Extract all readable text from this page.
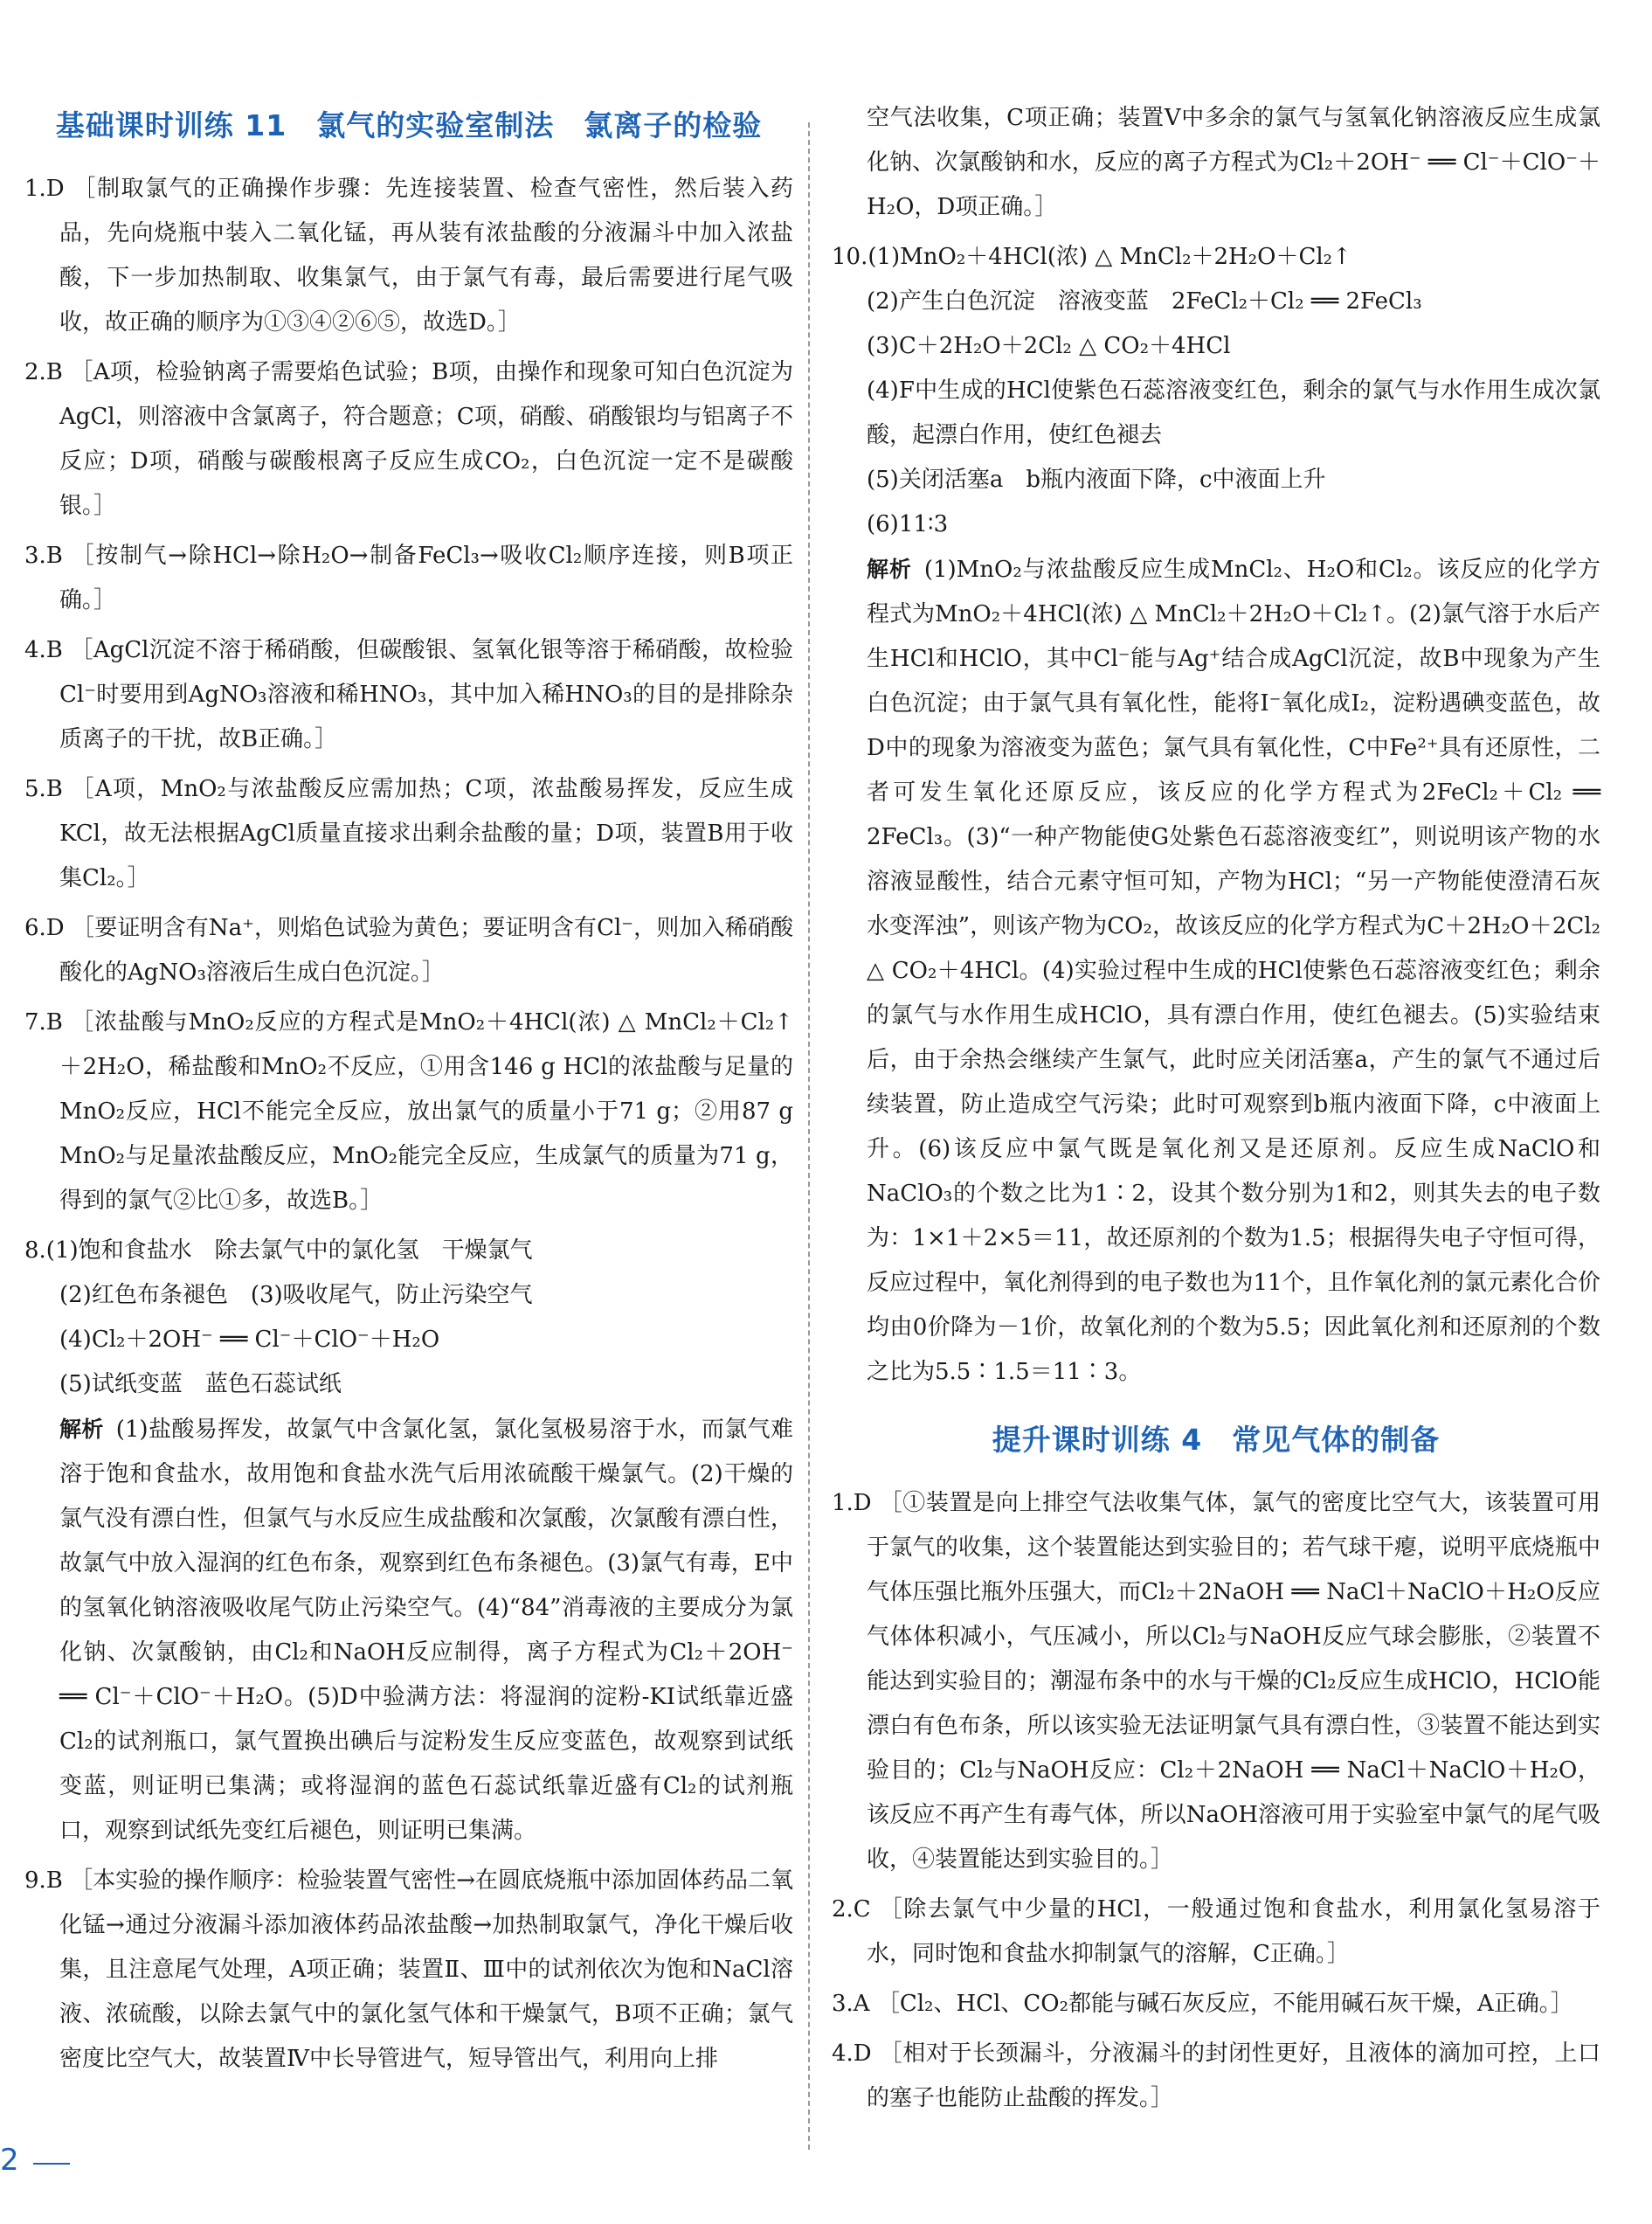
基础课时训练 11　氯气的实验室制法　氯离子的检验

1.D ［制取氯气的正确操作步骤：先连接装置、检查气密性，然后装入药品，先向烧瓶中装入二氧化锰，再从装有浓盐酸的分液漏斗中加入浓盐酸，下一步加热制取、收集氯气，由于氯气有毒，最后需要进行尾气吸收，故正确的顺序为①③④②⑥⑤，故选D。］

2.B ［A项，检验钠离子需要焰色试验；B项，由操作和现象可知白色沉淀为AgCl，则溶液中含氯离子，符合题意；C项，硝酸、硝酸银均与铝离子不反应；D项，硝酸与碳酸根离子反应生成CO₂，白色沉淀一定不是碳酸银。］

3.B ［按制气→除HCl→除H₂O→制备FeCl₃→吸收Cl₂顺序连接，则B项正确。］

4.B ［AgCl沉淀不溶于稀硝酸，但碳酸银、氢氧化银等溶于稀硝酸，故检验Cl⁻时要用到AgNO₃溶液和稀HNO₃，其中加入稀HNO₃的目的是排除杂质离子的干扰，故B正确。］

5.B ［A项，MnO₂与浓盐酸反应需加热；C项，浓盐酸易挥发，反应生成KCl，故无法根据AgCl质量直接求出剩余盐酸的量；D项，装置B用于收集Cl₂。］

6.D ［要证明含有Na⁺，则焰色试验为黄色；要证明含有Cl⁻，则加入稀硝酸酸化的AgNO₃溶液后生成白色沉淀。］

7.B ［浓盐酸与MnO₂反应的方程式是MnO₂＋4HCl(浓) △ MnCl₂＋Cl₂↑＋2H₂O，稀盐酸和MnO₂不反应，①用含146 g HCl的浓盐酸与足量的MnO₂反应，HCl不能完全反应，放出氯气的质量小于71 g；②用87 g MnO₂与足量浓盐酸反应，MnO₂能完全反应，生成氯气的质量为71 g，得到的氯气②比①多，故选B。］

8.(1)饱和食盐水　除去氯气中的氯化氢　干燥氯气

(2)红色布条褪色　(3)吸收尾气，防止污染空气

(4)Cl₂＋2OH⁻ ══ Cl⁻＋ClO⁻＋H₂O

(5)试纸变蓝　蓝色石蕊试纸

解析 (1)盐酸易挥发，故氯气中含氯化氢，氯化氢极易溶于水，而氯气难溶于饱和食盐水，故用饱和食盐水洗气后用浓硫酸干燥氯气。(2)干燥的氯气没有漂白性，但氯气与水反应生成盐酸和次氯酸，次氯酸有漂白性，故氯气中放入湿润的红色布条，观察到红色布条褪色。(3)氯气有毒，E中的氢氧化钠溶液吸收尾气防止污染空气。(4)“84”消毒液的主要成分为氯化钠、次氯酸钠，由Cl₂和NaOH反应制得，离子方程式为Cl₂＋2OH⁻ ══ Cl⁻＋ClO⁻＋H₂O。(5)D中验满方法：将湿润的淀粉-KI试纸靠近盛Cl₂的试剂瓶口，氯气置换出碘后与淀粉发生反应变蓝色，故观察到试纸变蓝，则证明已集满；或将湿润的蓝色石蕊试纸靠近盛有Cl₂的试剂瓶口，观察到试纸先变红后褪色，则证明已集满。

9.B ［本实验的操作顺序：检验装置气密性→在圆底烧瓶中添加固体药品二氧化锰→通过分液漏斗添加液体药品浓盐酸→加热制取氯气，净化干燥后收集，且注意尾气处理，A项正确；装置Ⅱ、Ⅲ中的试剂依次为饱和NaCl溶液、浓硫酸，以除去氯气中的氯化氢气体和干燥氯气，B项不正确；氯气密度比空气大，故装置Ⅳ中长导管进气，短导管出气，利用向上排

空气法收集，C项正确；装置Ⅴ中多余的氯气与氢氧化钠溶液反应生成氯化钠、次氯酸钠和水，反应的离子方程式为Cl₂＋2OH⁻ ══ Cl⁻＋ClO⁻＋H₂O，D项正确。］

10.(1)MnO₂＋4HCl(浓) △ MnCl₂＋2H₂O＋Cl₂↑

(2)产生白色沉淀　溶液变蓝　2FeCl₂＋Cl₂ ══ 2FeCl₃

(3)C＋2H₂O＋2Cl₂ △ CO₂＋4HCl

(4)F中生成的HCl使紫色石蕊溶液变红色，剩余的氯气与水作用生成次氯酸，起漂白作用，使红色褪去

(5)关闭活塞a　b瓶内液面下降，c中液面上升

(6)11∶3

解析 (1)MnO₂与浓盐酸反应生成MnCl₂、H₂O和Cl₂。该反应的化学方程式为MnO₂＋4HCl(浓) △ MnCl₂＋2H₂O＋Cl₂↑。(2)氯气溶于水后产生HCl和HClO，其中Cl⁻能与Ag⁺结合成AgCl沉淀，故B中现象为产生白色沉淀；由于氯气具有氧化性，能将I⁻氧化成I₂，淀粉遇碘变蓝色，故D中的现象为溶液变为蓝色；氯气具有氧化性，C中Fe²⁺具有还原性，二者可发生氧化还原反应，该反应的化学方程式为2FeCl₂＋Cl₂ ══ 2FeCl₃。(3)“一种产物能使G处紫色石蕊溶液变红”，则说明该产物的水溶液显酸性，结合元素守恒可知，产物为HCl；“另一产物能使澄清石灰水变浑浊”，则该产物为CO₂，故该反应的化学方程式为C＋2H₂O＋2Cl₂ △ CO₂＋4HCl。(4)实验过程中生成的HCl使紫色石蕊溶液变红色；剩余的氯气与水作用生成HClO，具有漂白作用，使红色褪去。(5)实验结束后，由于余热会继续产生氯气，此时应关闭活塞a，产生的氯气不通过后续装置，防止造成空气污染；此时可观察到b瓶内液面下降，c中液面上升。(6)该反应中氯气既是氧化剂又是还原剂。反应生成NaClO和NaClO₃的个数之比为1∶2，设其个数分别为1和2，则其失去的电子数为：1×1＋2×5＝11，故还原剂的个数为1.5；根据得失电子守恒可得，反应过程中，氧化剂得到的电子数也为11个，且作氧化剂的氯元素化合价均由0价降为－1价，故氧化剂的个数为5.5；因此氧化剂和还原剂的个数之比为5.5∶1.5＝11∶3。

提升课时训练 4　常见气体的制备

1.D ［①装置是向上排空气法收集气体，氯气的密度比空气大，该装置可用于氯气的收集，这个装置能达到实验目的；若气球干瘪，说明平底烧瓶中气体压强比瓶外压强大，而Cl₂＋2NaOH ══ NaCl＋NaClO＋H₂O反应气体体积减小，气压减小，所以Cl₂与NaOH反应气球会膨胀，②装置不能达到实验目的；潮湿布条中的水与干燥的Cl₂反应生成HClO，HClO能漂白有色布条，所以该实验无法证明氯气具有漂白性，③装置不能达到实验目的；Cl₂与NaOH反应：Cl₂＋2NaOH ══ NaCl＋NaClO＋H₂O，该反应不再产生有毒气体，所以NaOH溶液可用于实验室中氯气的尾气吸收，④装置能达到实验目的。］

2.C ［除去氯气中少量的HCl，一般通过饱和食盐水，利用氯化氢易溶于水，同时饱和食盐水抑制氯气的溶解，C正确。］

3.A ［Cl₂、HCl、CO₂都能与碱石灰反应，不能用碱石灰干燥，A正确。］

4.D ［相对于长颈漏斗，分液漏斗的封闭性更好，且液体的滴加可控，上口的塞子也能防止盐酸的挥发。］

2
